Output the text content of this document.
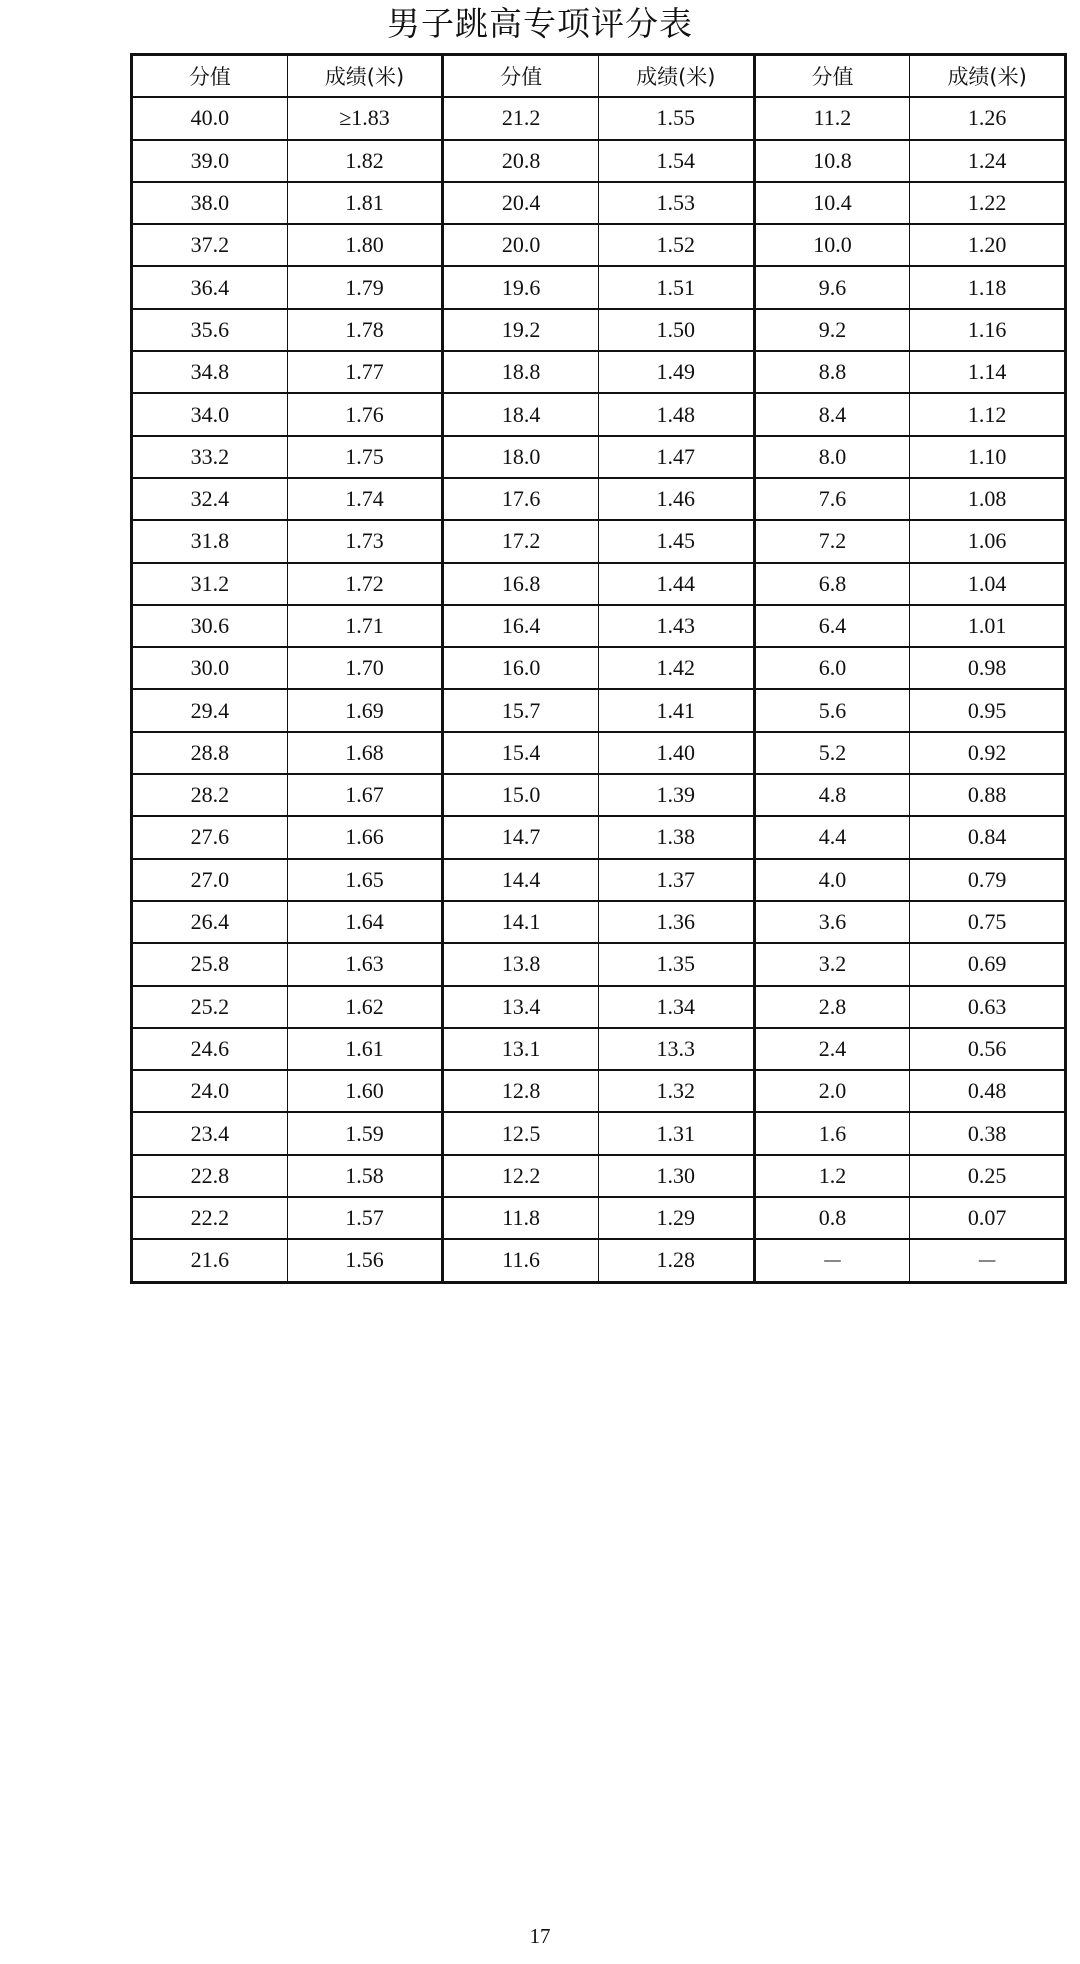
男子跳高专项评分表
分值	成绩(米)	分值	成绩(米)	分值	成绩(米)
40.0	≥1.83	21.2	1.55	11.2	1.26
39.0	1.82	20.8	1.54	10.8	1.24
38.0	1.81	20.4	1.53	10.4	1.22
37.2	1.80	20.0	1.52	10.0	1.20
36.4	1.79	19.6	1.51	9.6	1.18
35.6	1.78	19.2	1.50	9.2	1.16
34.8	1.77	18.8	1.49	8.8	1.14
34.0	1.76	18.4	1.48	8.4	1.12
33.2	1.75	18.0	1.47	8.0	1.10
32.4	1.74	17.6	1.46	7.6	1.08
31.8	1.73	17.2	1.45	7.2	1.06
31.2	1.72	16.8	1.44	6.8	1.04
30.6	1.71	16.4	1.43	6.4	1.01
30.0	1.70	16.0	1.42	6.0	0.98
29.4	1.69	15.7	1.41	5.6	0.95
28.8	1.68	15.4	1.40	5.2	0.92
28.2	1.67	15.0	1.39	4.8	0.88
27.6	1.66	14.7	1.38	4.4	0.84
27.0	1.65	14.4	1.37	4.0	0.79
26.4	1.64	14.1	1.36	3.6	0.75
25.8	1.63	13.8	1.35	3.2	0.69
25.2	1.62	13.4	1.34	2.8	0.63
24.6	1.61	13.1	13.3	2.4	0.56
24.0	1.60	12.8	1.32	2.0	0.48
23.4	1.59	12.5	1.31	1.6	0.38
22.8	1.58	12.2	1.30	1.2	0.25
22.2	1.57	11.8	1.29	0.8	0.07
21.6	1.56	11.6	1.28	－	－
17
